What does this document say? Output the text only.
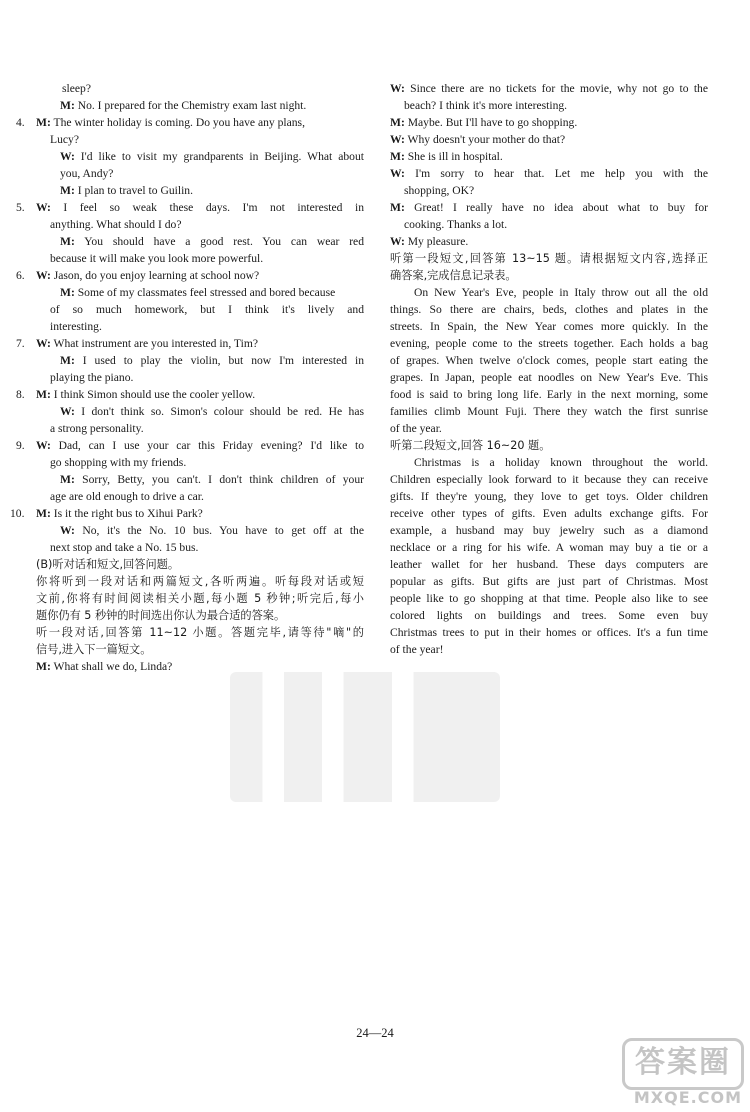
sleep?
M: No. I prepared for the Chemistry exam last night.
4. M: The winter holiday is coming. Do you have any plans,
Lucy?
W: I'd like to visit my grandparents in Beijing. What about
you, Andy?
M: I plan to travel to Guilin.
5. W: I feel so weak these days. I'm not interested in
anything. What should I do?
M: You should have a good rest. You can wear red
because it will make you look more powerful.
6. W: Jason, do you enjoy learning at school now?
M: Some of my classmates feel stressed and bored because
of so much homework, but I think it's lively and
interesting.
7. W: What instrument are you interested in, Tim?
M: I used to play the violin, but now I'm interested in
playing the piano.
8. M: I think Simon should use the cooler yellow.
W: I don't think so. Simon's colour should be red. He has
a strong personality.
9. W: Dad, can I use your car this Friday evening? I'd like to
go shopping with my friends.
M: Sorry, Betty, you can't. I don't think children of your
age are old enough to drive a car.
10. M: Is it the right bus to Xihui Park?
W: No, it's the No. 10 bus. You have to get off at the
next stop and take a No. 15 bus.
(B)听对话和短文,回答问题。
你将听到一段对话和两篇短文,各听两遍。听每段对话或短
文前,你将有时间阅读相关小题,每小题 5 秒钟;听完后,每小
题你仍有 5 秒钟的时间选出你认为最合适的答案。
听一段对话,回答第 11~12 小题。答题完毕,请等待"嘀"的
信号,进入下一篇短文。
M: What shall we do, Linda?
W: Since there are no tickets for the movie, why not go to the
beach? I think it's more interesting.
M: Maybe. But I'll have to go shopping.
W: Why doesn't your mother do that?
M: She is ill in hospital.
W: I'm sorry to hear that. Let me help you with the
shopping, OK?
M: Great! I really have no idea about what to buy for
cooking. Thanks a lot.
W: My pleasure.
听第一段短文,回答第 13~15 题。请根据短文内容,选择正
确答案,完成信息记录表。
On New Year's Eve, people in Italy throw out all the old
things. So there are chairs, beds, clothes and plates in the
streets. In Spain, the New Year comes more quickly. In the
evening, people come to the streets together. Each holds a bag
of grapes. When twelve o'clock comes, people start eating the
grapes. In Japan, people eat noodles on New Year's Eve. This
food is said to bring long life. Early in the next morning, some
families climb Mount Fuji. There they watch the first sunrise
of the year.
听第二段短文,回答 16~20 题。
Christmas is a holiday known throughout the world.
Children especially look forward to it because they can receive
gifts. If they're young, they love to get toys. Older children
receive other types of gifts. Even adults exchange gifts. For
example, a husband may buy jewelry such as a diamond
necklace or a ring for his wife. A woman may buy a tie or a
leather wallet for her husband. These days computers are
popular as gifts. But gifts are just part of Christmas. Most
people like to go shopping at that time. People also like to see
colored lights on buildings and trees. Some even buy
Christmas trees to put in their homes or offices. It's a fun time
of the year!
24—24
答案圈
MXQE.COM
